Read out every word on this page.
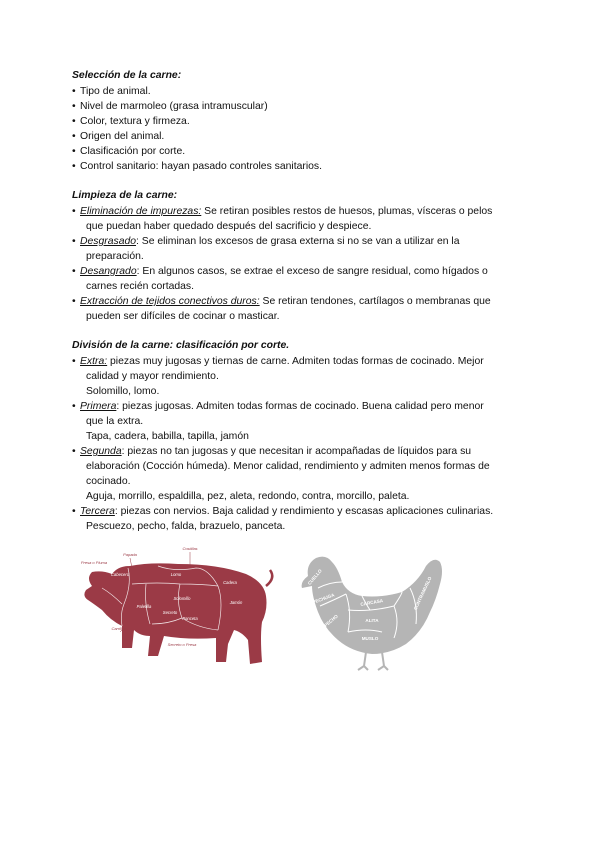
Selección de la carne:
• Tipo de animal.
• Nivel de marmoleo (grasa intramuscular)
• Color, textura y firmeza.
• Origen del animal.
• Clasificación por corte.
• Control sanitario: hayan pasado controles sanitarios.
Limpieza de la carne:
• Eliminación de impurezas: Se retiran posibles restos de huesos, plumas, vísceras o pelos
que puedan haber quedado después del sacrificio y despiece.
• Desgrasado: Se eliminan los excesos de grasa externa si no se van a utilizar en la
preparación.
• Desangrado: En algunos casos, se extrae el exceso de sangre residual, como hígados o
carnes recién cortadas.
• Extracción de tejidos conectivos duros: Se retiran tendones, cartílagos o membranas que
pueden ser difíciles de cocinar o masticar.
División de la carne: clasificación por corte.
• Extra: piezas muy jugosas y tiernas de carne. Admiten todas formas de cocinado. Mejor
calidad y mayor rendimiento.
Solomillo, lomo.
• Primera: piezas jugosas. Admiten todas formas de cocinado. Buena calidad pero menor
que la extra.
Tapa, cadera, babilla, tapilla, jamón
• Segunda: piezas no tan jugosas y que necesitan ir acompañadas de líquidos para su
elaboración (Cocción húmeda). Menor calidad, rendimiento y admiten menos formas de
cocinado.
Aguja, morrillo, espaldilla, pez, aleta, redondo, contra, morcillo, paleta.
• Tercera: piezas con nervios. Baja calidad y rendimiento y escasas aplicaciones culinarias.
Pescuezo, pecho, falda, brazuelo, panceta.
Cabecero	Lomo
Solomillo
Jamón
Cadera
Paletilla
Panceta
Secreto
Papada
Presa o Pluma
Costillas
Carrillada
Secreto o Presa
CUELLO
PECHUGA	CONTRAMUSLO
ALITA
MUSLO
CARCASA
PECHO
